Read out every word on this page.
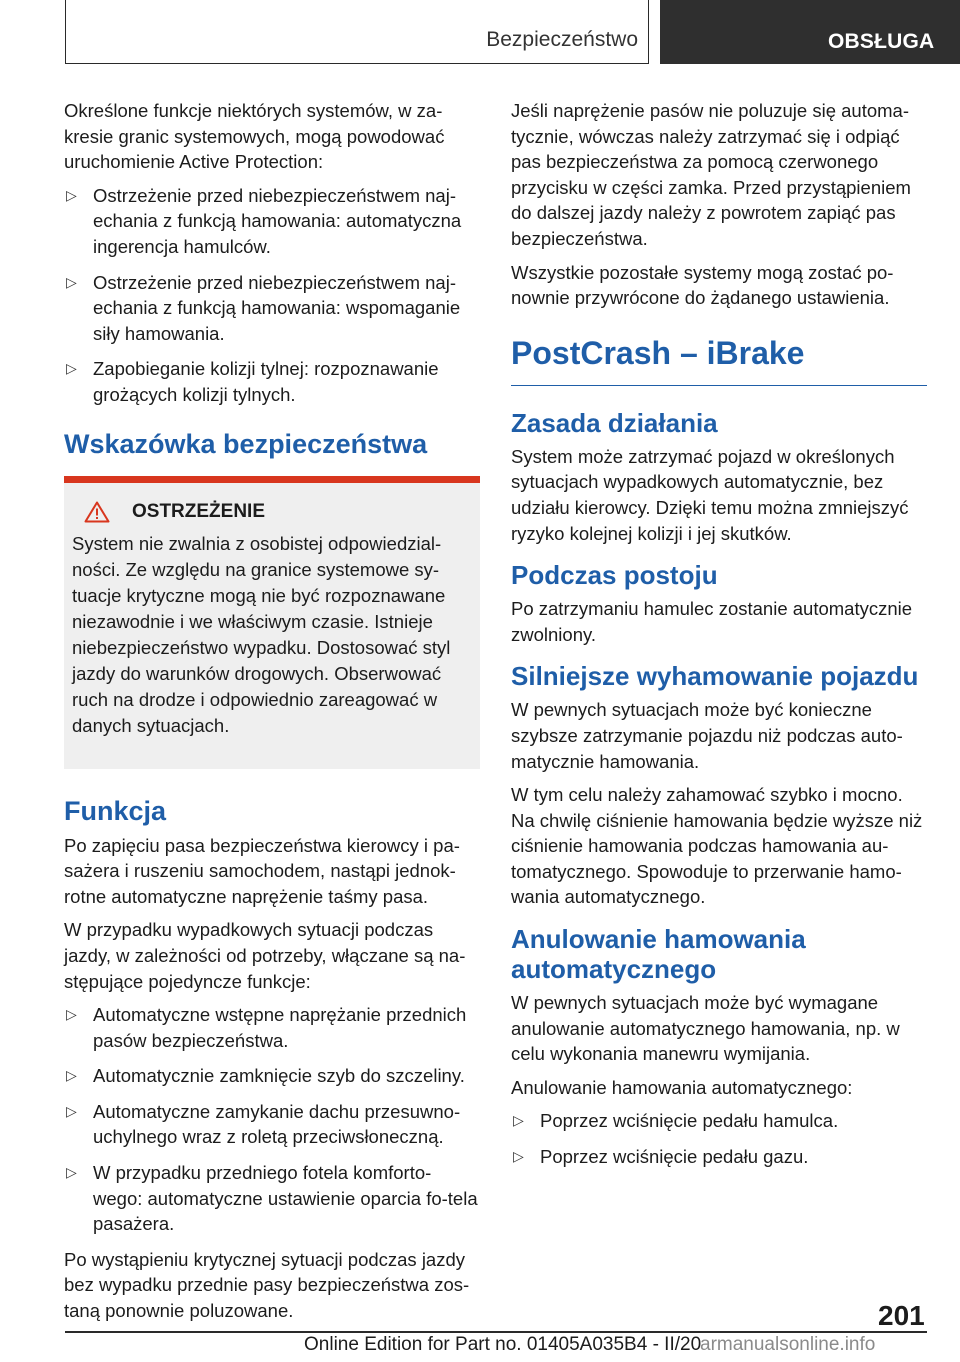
Bezpieczeństwo	OBSŁUGA

Określone funkcje niektórych systemów, w za-kresie granic systemowych, mogą powodować uruchomienie Active Protection:

▷ Ostrzeżenie przed niebezpieczeństwem naj-echania z funkcją hamowania: automatyczna ingerencja hamulców.
▷ Ostrzeżenie przed niebezpieczeństwem naj-echania z funkcją hamowania: wspomaganie siły hamowania.
▷ Zapobieganie kolizji tylnej: rozpoznawanie grożących kolizji tylnych.
Wskazówka bezpieczeństwa
OSTRZEŻENIE

System nie zwalnia z osobistej odpowiedzial-ności. Ze względu na granice systemowe sy-tuacje krytyczne mogą nie być rozpoznawane niezawodnie i we właściwym czasie. Istnieje niebezpieczeństwo wypadku. Dostosować styl jazdy do warunków drogowych. Obserwować ruch na drodze i odpowiednio zareagować w danych sytuacjach.

Funkcja

Po zapięciu pasa bezpieczeństwa kierowcy i pa-sażera i ruszeniu samochodem, nastąpi jednok-rotne automatyczne naprężenie taśmy pasa.

W przypadku wypadkowych sytuacji podczas jazdy, w zależności od potrzeby, włączane są na-stępujące pojedyncze funkcje:

▷ Automatyczne wstępne naprężanie przednich pasów bezpieczeństwa.
▷ Automatycznie zamknięcie szyb do szczeliny.
▷ Automatyczne zamykanie dachu przesuwno-uchylnego wraz z roletą przeciwsłoneczną.
▷ W przypadku przedniego fotela komforto-wego: automatyczne ustawienie oparcia fo-tela pasażera.

Po wystąpieniu krytycznej sytuacji podczas jazdy bez wypadku przednie pasy bezpieczeństwa zos-taną ponownie poluzowane.

Jeśli naprężenie pasów nie poluzuje się automa-tycznie, wówczas należy zatrzymać się i odpiąć pas bezpieczeństwa za pomocą czerwonego przycisku w części zamka. Przed przystąpieniem do dalszej jazdy należy z powrotem zapiąć pas bezpieczeństwa.

Wszystkie pozostałe systemy mogą zostać po-nownie przywrócone do żądanego ustawienia.

PostCrash – iBrake
Zasada działania

System może zatrzymać pojazd w określonych sytuacjach wypadkowych automatycznie, bez udziału kierowcy. Dzięki temu można zmniejszyć ryzyko kolejnej kolizji i jej skutków.

Podczas postoju

Po zatrzymaniu hamulec zostanie automatycznie zwolniony.

Silniejsze wyhamowanie pojazdu

W pewnych sytuacjach może być konieczne szybsze zatrzymanie pojazdu niż podczas auto-matycznie hamowania.

W tym celu należy zahamować szybko i mocno. Na chwilę ciśnienie hamowania będzie wyższe niż ciśnienie hamowania podczas hamowania au-tomatycznego. Spowoduje to przerwanie hamo-wania automatycznego.

Anulowanie hamowania automatycznego

W pewnych sytuacjach może być wymagane anulowanie automatycznego hamowania, np. w celu wykonania manewru wymijania.

Anulowanie hamowania automatycznego:

▷ Poprzez wciśnięcie pedału hamulca.
▷ Poprzez wciśnięcie pedału gazu.
201
Online Edition for Part no. 01405A035B4 - II/20
armanualsonline.info
